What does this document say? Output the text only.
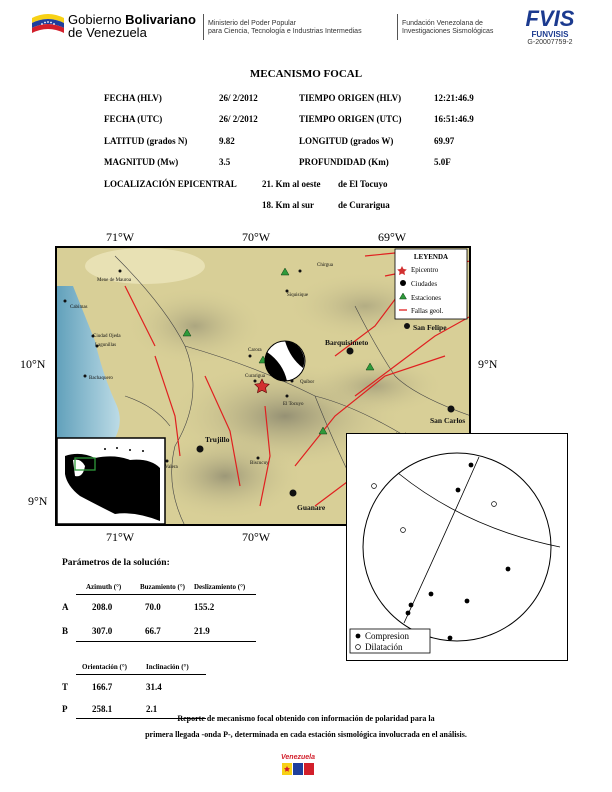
Gobierno Bolivariano
de Venezuela
Ministerio del Poder Popular
para Ciencia, Tecnología e Industrias Intermedias
Fundación Venezolana de
Investigaciones Sismológicas
FVIS
FUNVISIS
G-20007759-2
MECANISMO FOCAL
FECHA (HLV)	26/ 2/2012	TIEMPO ORIGEN (HLV)	12:21:46.9
FECHA (UTC)	26/ 2/2012	TIEMPO ORIGEN (UTC)	16:51:46.9
LATITUD (grados N)	9.82	LONGITUD (grados W)	69.97
MAGNITUD (Mw)	3.5	PROFUNDIDAD (Km)	5.0F
LOCALIZACIÓN EPICENTRAL	21. Km al oeste de El Tocuyo
18. Km al sur	de Curarigua
71°W	70°W	69°W
71°W	70°W
10°N	9°N
9°N
Mene de Mauroa
Cabimas
Ciudad Ojeda
Lagunillas
Bachaquero
Carora
Curarigua
El Tocuyo
Quíbor
Barquisimeto
Chirgua
Siquisique
San Felipe
San Carlos
Trujillo
Valera
Biscucuy
Guanare
LEYENDA
Epicentro
Ciudades
Estaciones
Fallas geol.
Compresion
Dilatación
Parámetros de la solución:
Azimuth (°)	Buzamiento (°) Deslizamiento (°)
A	208.0	70.0	155.2
B	307.0	66.7	21.9
Orientación (°)	Inclinación (°)
T	166.7	31.4
P	258.1	2.1
Reporte de mecanismo focal obtenido con información de polaridad para la
primera llegada -onda P-, determinada en cada estación sismológica involucrada en el análisis.
Venezuela
